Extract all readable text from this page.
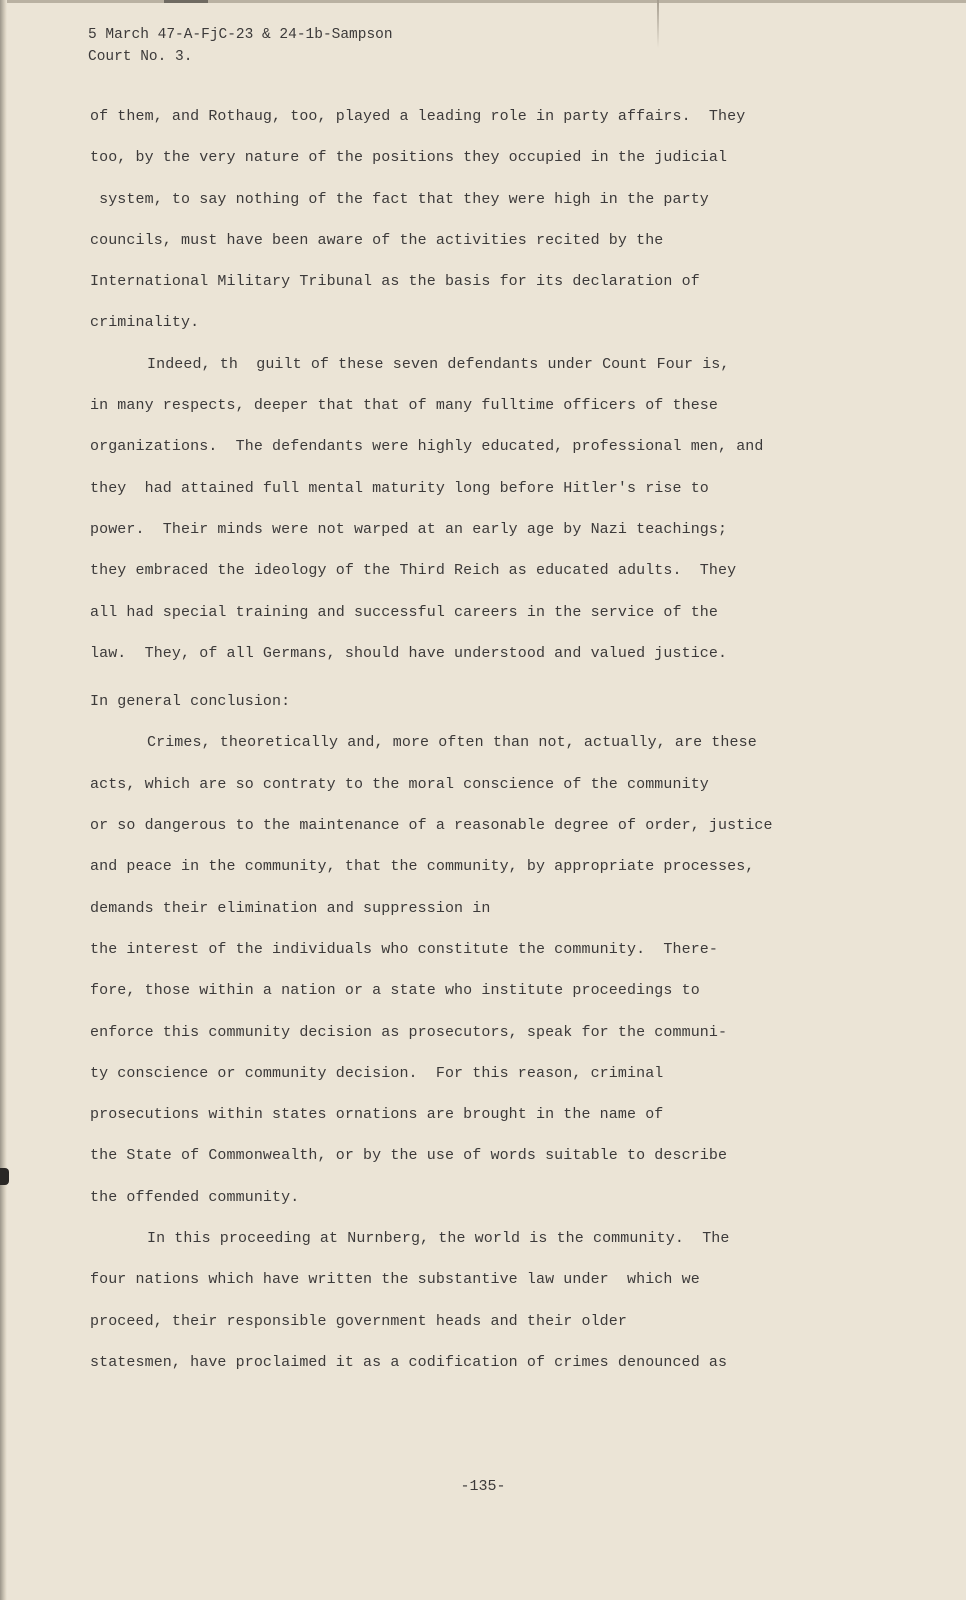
5 March 47-A-FjC-23 & 24-1b-Sampson
Court No. 3.
of them, and Rothaug, too, played a leading role in party affairs.  They
too, by the very nature of the positions they occupied in the judicial
system, to say nothing of the fact that they were high in the party
councils, must have been aware of the activities recited by the
International Military Tribunal as the basis for its declaration of
criminality.
Indeed, th  guilt of these seven defendants under Count Four is,
in many respects, deeper that that of many fulltime officers of these
organizations.  The defendants were highly educated, professional men, and
they  had attained full mental maturity long before Hitler's rise to
power.  Their minds were not warped at an early age by Nazi teachings;
they embraced the ideology of the Third Reich as educated adults.  They
all had special training and successful careers in the service of the
law.  They, of all Germans, should have understood and valued justice.
In general conclusion:
Crimes, theoretically and, more often than not, actually, are these
acts, which are so contraty to the moral conscience of the community
or so dangerous to the maintenance of a reasonable degree of order, justice
and peace in the community, that the community, by appropriate processes,
demands their elimination and suppression in
the interest of the individuals who constitute the community.  There-
fore, those within a nation or a state who institute proceedings to
enforce this community decision as prosecutors, speak for the communi-
ty conscience or community decision.  For this reason, criminal
prosecutions within states ornations are brought in the name of
the State of Commonwealth, or by the use of words suitable to describe
the offended community.
In this proceeding at Nurnberg, the world is the community.  The
four nations which have written the substantive law under  which we
proceed, their responsible government heads and their older
statesmen, have proclaimed it as a codification of crimes denounced as
-135-
